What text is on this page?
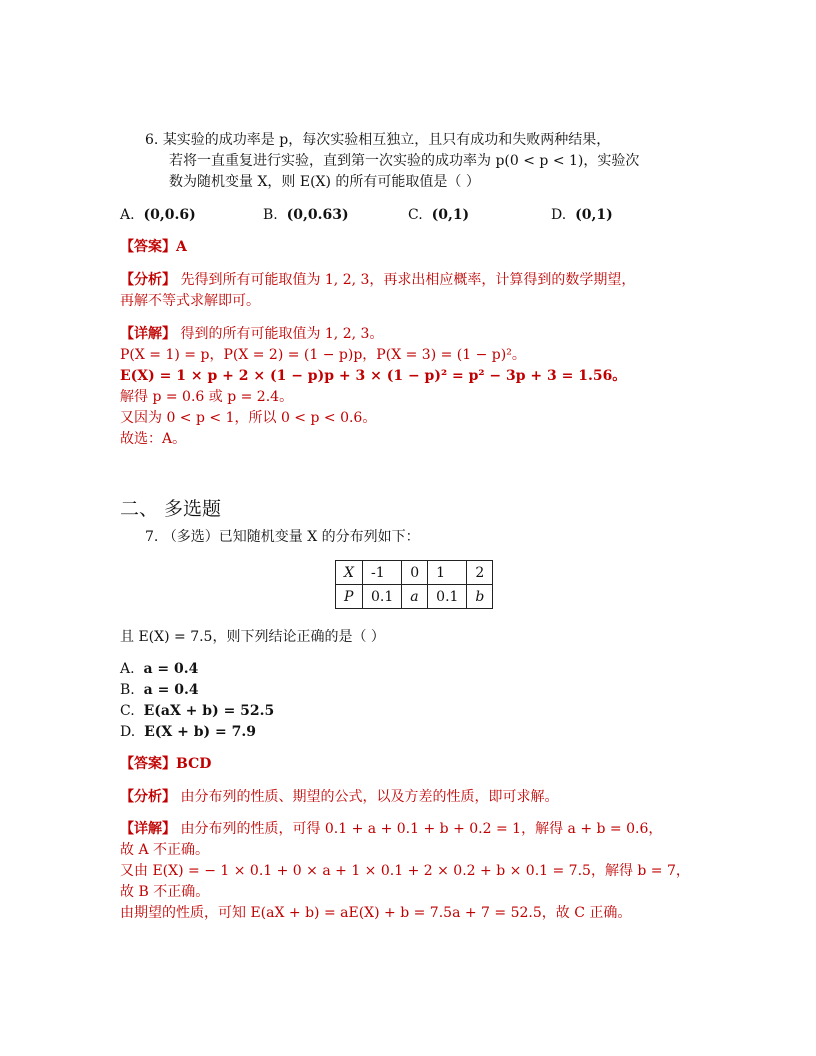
6. 某实验的成功率是 p，每次实验相互独立，且只有成功和失败两种结果，
若将一直重复进行实验，直到第一次实验的成功率为 p(0 < p < 1)，实验次
数为随机变量 X，则 E(X) 的所有可能取值是（ ）
A. (0,0.6)	B. (0,0.63)	C. (0,1)	D. (0,1)
【答案】A
【分析】 先得到所有可能取值为 1, 2, 3，再求出相应概率，计算得到的数学期望，
再解不等式求解即可。
【详解】 得到的所有可能取值为 1, 2, 3。
P(X = 1) = p，P(X = 2) = (1 − p)p，P(X = 3) = (1 − p)²。
E(X) = 1 × p + 2 × (1 − p)p + 3 × (1 − p)² = p² − 3p + 3 = 1.56。
解得 p = 0.6 或 p = 2.4。
又因为 0 < p < 1，所以 0 < p < 0.6。
故选：A。
二、 多选题
7. （多选）已知随机变量 X 的分布列如下：
X	-1	0	1	2
P	0.1	a	0.1	b
且 E(X) = 7.5，则下列结论正确的是（ ）
A. a = 0.4
B. a = 0.4
C. E(aX + b) = 52.5
D. E(X + b) = 7.9
【答案】BCD
【分析】 由分布列的性质、期望的公式，以及方差的性质，即可求解。
【详解】 由分布列的性质，可得 0.1 + a + 0.1 + b + 0.2 = 1，解得 a + b = 0.6，
故 A 不正确。
又由 E(X) = − 1 × 0.1 + 0 × a + 1 × 0.1 + 2 × 0.2 + b × 0.1 = 7.5，解得 b = 7，
故 B 不正确。
由期望的性质，可知 E(aX + b) = aE(X) + b = 7.5a + 7 = 52.5，故 C 正确。
